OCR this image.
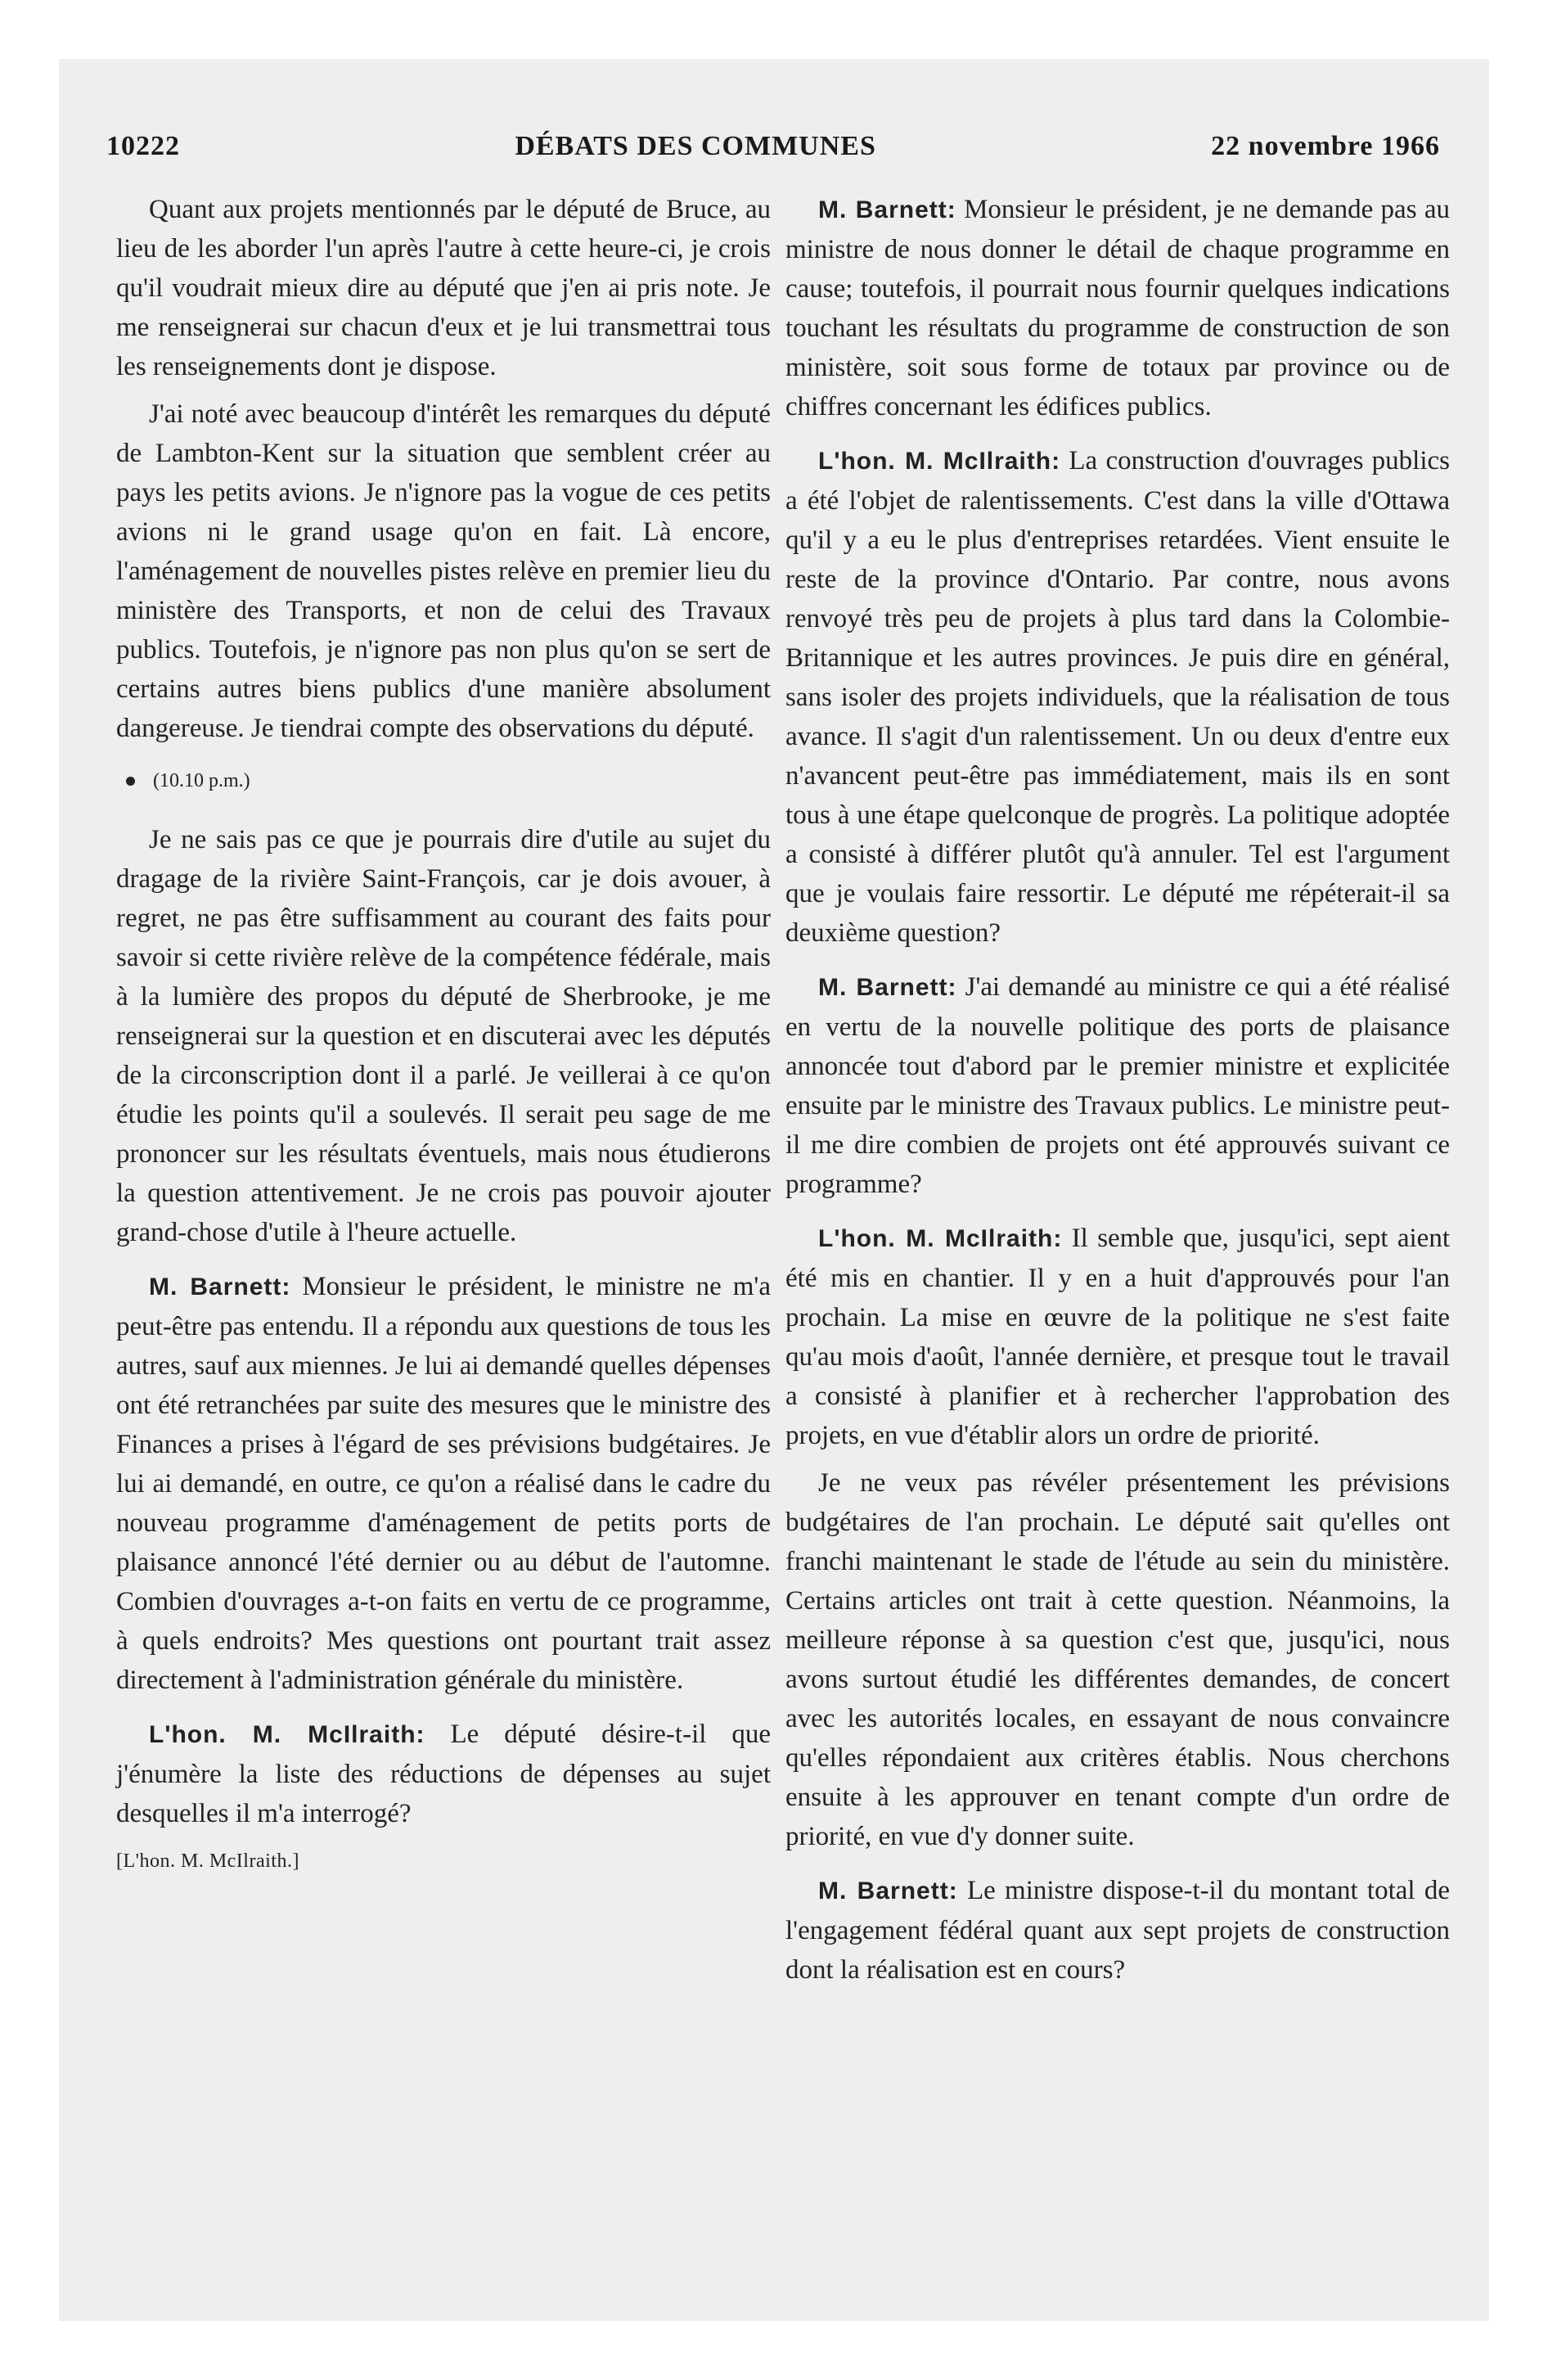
10222	DÉBATS DES COMMUNES	22 novembre 1966

Quant aux projets mentionnés par le député de Bruce, au lieu de les aborder l'un après l'autre à cette heure-ci, je crois qu'il voudrait mieux dire au député que j'en ai pris note. Je me renseignerai sur chacun d'eux et je lui transmettrai tous les renseignements dont je dispose.

J'ai noté avec beaucoup d'intérêt les remarques du député de Lambton-Kent sur la situation que semblent créer au pays les petits avions. Je n'ignore pas la vogue de ces petits avions ni le grand usage qu'on en fait. Là encore, l'aménagement de nouvelles pistes relève en premier lieu du ministère des Transports, et non de celui des Travaux publics. Toutefois, je n'ignore pas non plus qu'on se sert de certains autres biens publics d'une manière absolument dangereuse. Je tiendrai compte des observations du député.

(10.10 p.m.)

Je ne sais pas ce que je pourrais dire d'utile au sujet du dragage de la rivière Saint-François, car je dois avouer, à regret, ne pas être suffisamment au courant des faits pour savoir si cette rivière relève de la compétence fédérale, mais à la lumière des propos du député de Sherbrooke, je me renseignerai sur la question et en discuterai avec les députés de la circonscription dont il a parlé. Je veillerai à ce qu'on étudie les points qu'il a soulevés. Il serait peu sage de me prononcer sur les résultats éventuels, mais nous étudierons la question attentivement. Je ne crois pas pouvoir ajouter grand-chose d'utile à l'heure actuelle.

M. Barnett: Monsieur le président, le ministre ne m'a peut-être pas entendu. Il a répondu aux questions de tous les autres, sauf aux miennes. Je lui ai demandé quelles dépenses ont été retranchées par suite des mesures que le ministre des Finances a prises à l'égard de ses prévisions budgétaires. Je lui ai demandé, en outre, ce qu'on a réalisé dans le cadre du nouveau programme d'aménagement de petits ports de plaisance annoncé l'été dernier ou au début de l'automne. Combien d'ouvrages a-t-on faits en vertu de ce programme, à quels endroits? Mes questions ont pourtant trait assez directement à l'administration générale du ministère.

L'hon. M. McIlraith: Le député désire-t-il que j'énumère la liste des réductions de dépenses au sujet desquelles il m'a interrogé?

[L'hon. M. McIlraith.]

M. Barnett: Monsieur le président, je ne demande pas au ministre de nous donner le détail de chaque programme en cause; toutefois, il pourrait nous fournir quelques indications touchant les résultats du programme de construction de son ministère, soit sous forme de totaux par province ou de chiffres concernant les édifices publics.

L'hon. M. McIlraith: La construction d'ouvrages publics a été l'objet de ralentissements. C'est dans la ville d'Ottawa qu'il y a eu le plus d'entreprises retardées. Vient ensuite le reste de la province d'Ontario. Par contre, nous avons renvoyé très peu de projets à plus tard dans la Colombie-Britannique et les autres provinces. Je puis dire en général, sans isoler des projets individuels, que la réalisation de tous avance. Il s'agit d'un ralentissement. Un ou deux d'entre eux n'avancent peut-être pas immédiatement, mais ils en sont tous à une étape quelconque de progrès. La politique adoptée a consisté à différer plutôt qu'à annuler. Tel est l'argument que je voulais faire ressortir. Le député me répéterait-il sa deuxième question?

M. Barnett: J'ai demandé au ministre ce qui a été réalisé en vertu de la nouvelle politique des ports de plaisance annoncée tout d'abord par le premier ministre et explicitée ensuite par le ministre des Travaux publics. Le ministre peut-il me dire combien de projets ont été approuvés suivant ce programme?

L'hon. M. McIlraith: Il semble que, jusqu'ici, sept aient été mis en chantier. Il y en a huit d'approuvés pour l'an prochain. La mise en œuvre de la politique ne s'est faite qu'au mois d'août, l'année dernière, et presque tout le travail a consisté à planifier et à rechercher l'approbation des projets, en vue d'établir alors un ordre de priorité.

Je ne veux pas révéler présentement les prévisions budgétaires de l'an prochain. Le député sait qu'elles ont franchi maintenant le stade de l'étude au sein du ministère. Certains articles ont trait à cette question. Néanmoins, la meilleure réponse à sa question c'est que, jusqu'ici, nous avons surtout étudié les différentes demandes, de concert avec les autorités locales, en essayant de nous convaincre qu'elles répondaient aux critères établis. Nous cherchons ensuite à les approuver en tenant compte d'un ordre de priorité, en vue d'y donner suite.

M. Barnett: Le ministre dispose-t-il du montant total de l'engagement fédéral quant aux sept projets de construction dont la réalisation est en cours?
